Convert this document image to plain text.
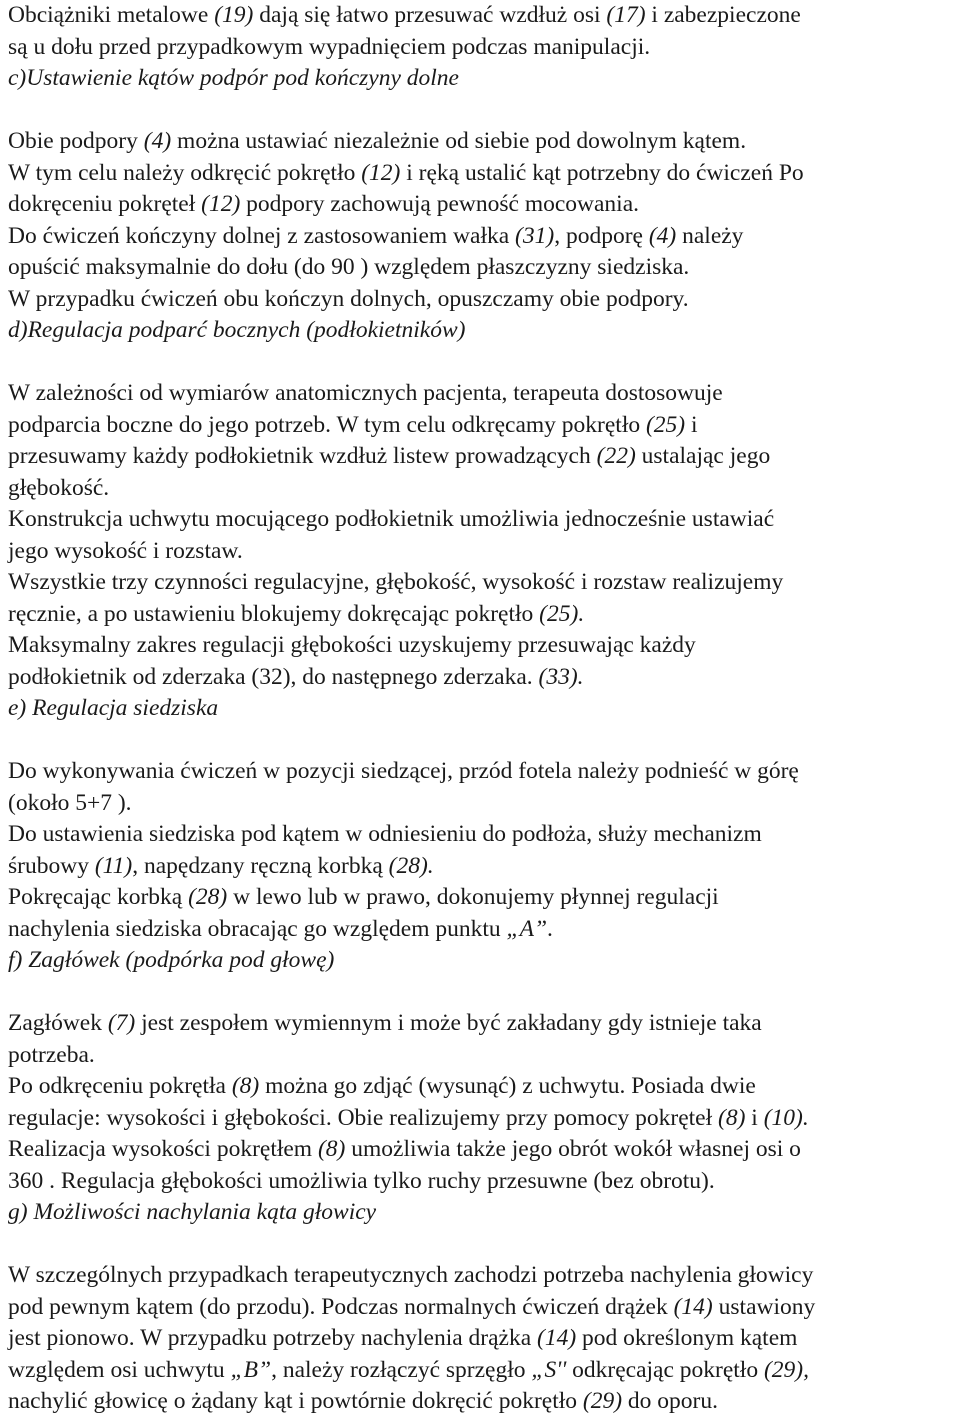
Obciążniki metalowe (19) dają się łatwo przesuwać wzdłuż osi (17) i zabezpieczone
są u dołu przed przypadkowym wypadnięciem podczas manipulacji.
c)Ustawienie kątów podpór pod kończyny dolne
Obie podpory (4) można ustawiać niezależnie od siebie pod dowolnym kątem.
W tym celu należy odkręcić pokrętło (12) i ręką ustalić kąt potrzebny do ćwiczeń Po
dokręceniu pokręteł (12) podpory zachowują pewność mocowania.
Do ćwiczeń kończyny dolnej z zastosowaniem wałka (31), podporę (4) należy
opuścić maksymalnie do dołu (do 90 ) względem płaszczyzny siedziska.
W przypadku ćwiczeń obu kończyn dolnych, opuszczamy obie podpory.
d)Regulacja podparć bocznych (podłokietników)
W zależności od wymiarów anatomicznych pacjenta, terapeuta dostosowuje
podparcia boczne do jego potrzeb. W tym celu odkręcamy pokrętło (25) i
przesuwamy każdy podłokietnik wzdłuż listew prowadzących (22) ustalając jego
głębokość.
Konstrukcja uchwytu mocującego podłokietnik umożliwia jednocześnie ustawiać
jego wysokość i rozstaw.
Wszystkie trzy czynności regulacyjne, głębokość, wysokość i rozstaw realizujemy
ręcznie, a po ustawieniu blokujemy dokręcając pokrętło (25).
Maksymalny zakres regulacji głębokości uzyskujemy przesuwając każdy
podłokietnik od zderzaka (32), do następnego zderzaka. (33).
e) Regulacja siedziska
Do wykonywania ćwiczeń w pozycji siedzącej, przód fotela należy podnieść w górę
(około 5+7 ).
Do ustawienia siedziska pod kątem w odniesieniu do podłoża, służy mechanizm
śrubowy (11), napędzany ręczną korbką (28).
Pokręcając korbką (28) w lewo lub w prawo, dokonujemy płynnej regulacji
nachylenia siedziska obracając go względem punktu „A”.
f) Zagłówek (podpórka pod głowę)
Zagłówek (7) jest zespołem wymiennym i może być zakładany gdy istnieje taka
potrzeba.
Po odkręceniu pokrętła (8) można go zdjąć (wysunąć) z uchwytu. Posiada dwie
regulacje: wysokości i głębokości. Obie realizujemy przy pomocy pokręteł (8) i (10).
Realizacja wysokości pokrętłem (8) umożliwia także jego obrót wokół własnej osi o
360 . Regulacja głębokości umożliwia tylko ruchy przesuwne (bez obrotu).
g) Możliwości nachylania kąta głowicy
W szczególnych przypadkach terapeutycznych zachodzi potrzeba nachylenia głowicy
pod pewnym kątem (do przodu). Podczas normalnych ćwiczeń drążek (14) ustawiony
jest pionowo. W przypadku potrzeby nachylenia drążka (14) pod określonym kątem
względem osi uchwytu „B”, należy rozłączyć sprzęgło „S'' odkręcając pokrętło (29),
nachylić głowicę o żądany kąt i powtórnie dokręcić pokrętło (29) do oporu.
